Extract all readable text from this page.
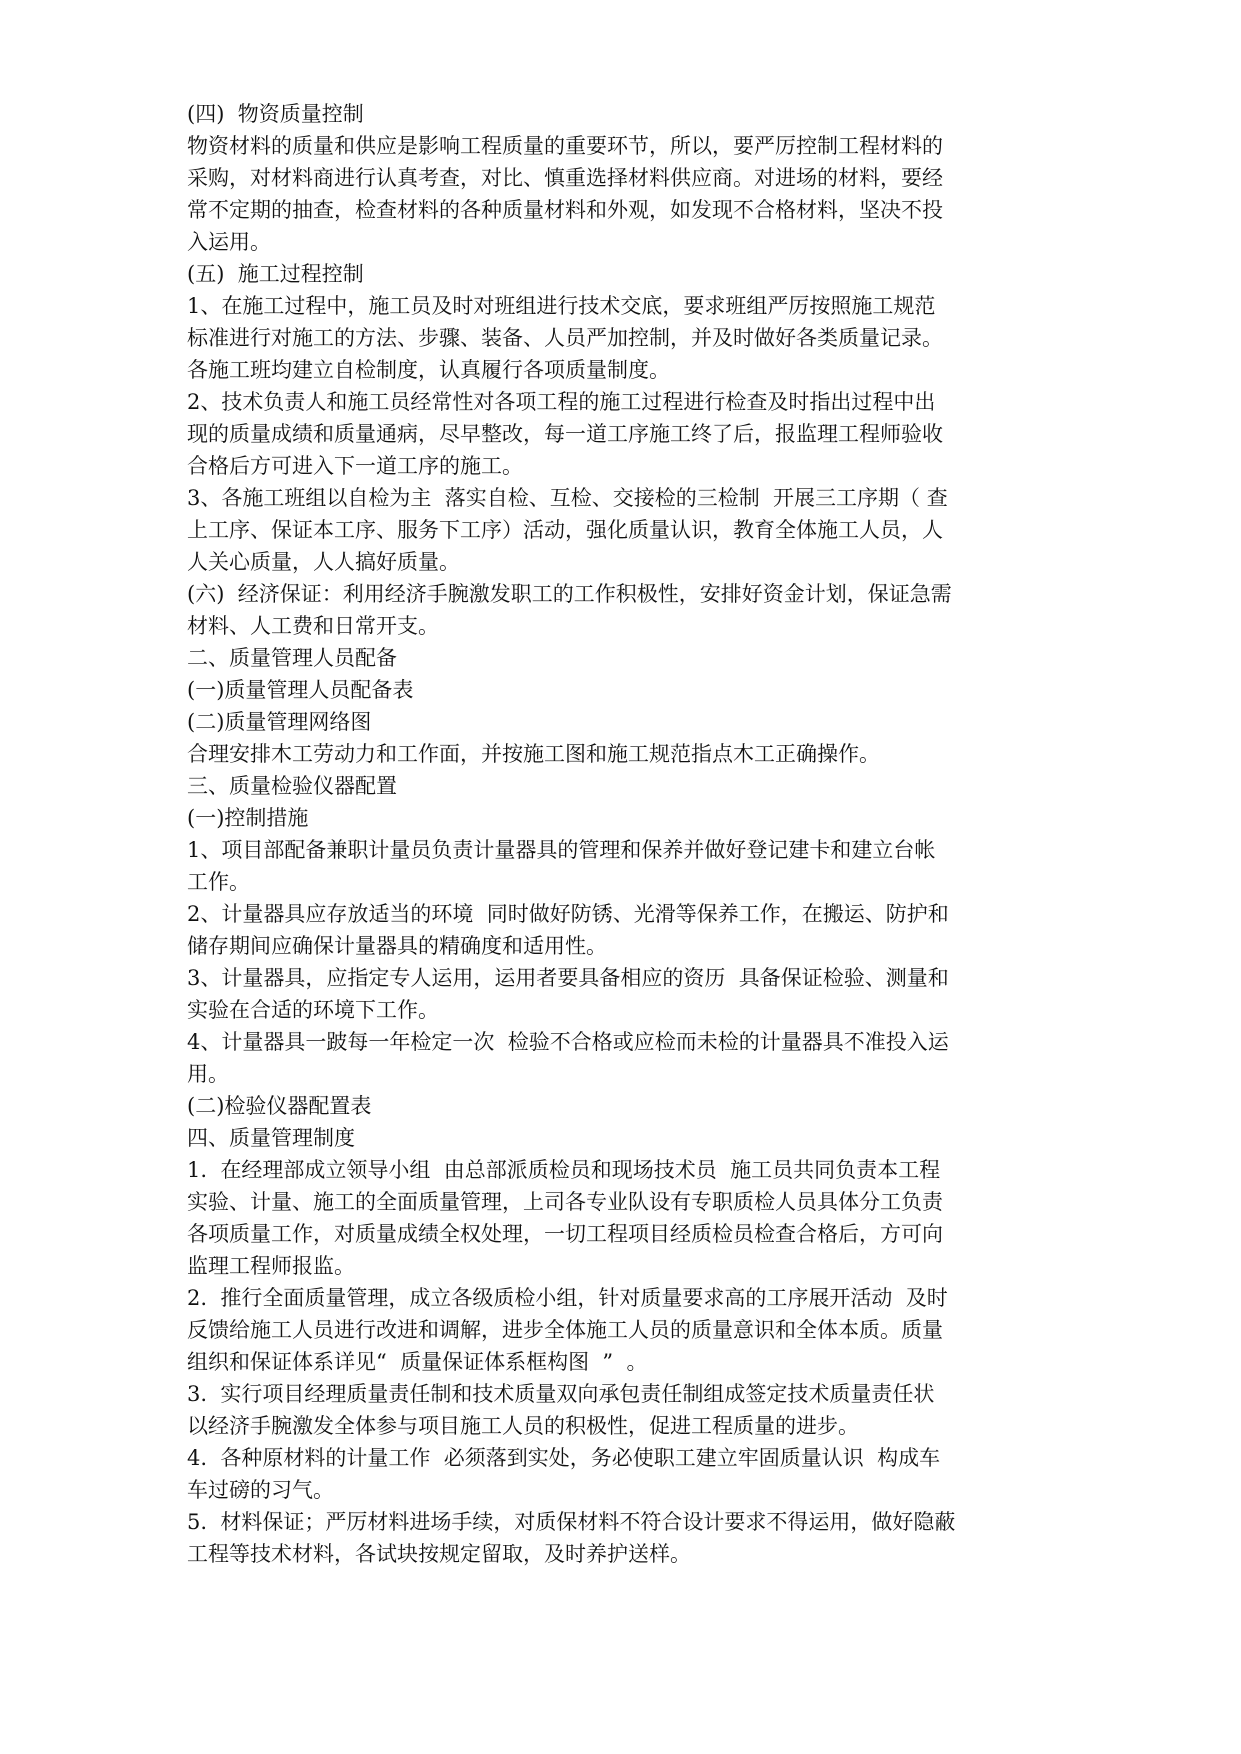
(四)  物资质量控制
物资材料的质量和供应是影响工程质量的重要环节，所以，要严厉控制工程材料的
采购，对材料商进行认真考查，对比、慎重选择材料供应商。对进场的材料，要经
常不定期的抽查，检查材料的各种质量材料和外观，如发现不合格材料，坚决不投
入运用。
(五)  施工过程控制
1、在施工过程中，施工员及时对班组进行技术交底，要求班组严厉按照施工规范
标准进行对施工的方法、步骤、装备、人员严加控制，并及时做好各类质量记录。
各施工班均建立自检制度，认真履行各项质量制度。
2、技术负责人和施工员经常性对各项工程的施工过程进行检查及时指出过程中出
现的质量成绩和质量通病，尽早整改，每一道工序施工终了后，报监理工程师验收
合格后方可进入下一道工序的施工。
3、各施工班组以自检为主  落实自检、互检、交接检的三检制  开展三工序期（ 查
上工序、保证本工序、服务下工序）活动，强化质量认识，教育全体施工人员，人
人关心质量，人人搞好质量。
(六)  经济保证：利用经济手腕激发职工的工作积极性，安排好资金计划，保证急需
材料、人工费和日常开支。
二、质量管理人员配备
(一)质量管理人员配备表
(二)质量管理网络图
合理安排木工劳动力和工作面，并按施工图和施工规范指点木工正确操作。
三、质量检验仪器配置
(一)控制措施
1、项目部配备兼职计量员负责计量器具的管理和保养并做好登记建卡和建立台帐
工作。
2、计量器具应存放适当的环境  同时做好防锈、光滑等保养工作，在搬运、防护和
储存期间应确保计量器具的精确度和适用性。
3、计量器具，应指定专人运用，运用者要具备相应的资历  具备保证检验、测量和
实验在合适的环境下工作。
4、计量器具一跛每一年检定一次  检验不合格或应检而未检的计量器具不准投入运
用。
(二)检验仪器配置表
四、质量管理制度
1.  在经理部成立领导小组  由总部派质检员和现场技术员  施工员共同负责本工程
实验、计量、施工的全面质量管理，上司各专业队设有专职质检人员具体分工负责
各项质量工作，对质量成绩全权处理，一切工程项目经质检员检查合格后，方可向
监理工程师报监。
2.  推行全面质量管理，成立各级质检小组，针对质量要求高的工序展开活动  及时
反馈给施工人员进行改进和调解，进步全体施工人员的质量意识和全体本质。质量
组织和保证体系详见“  质量保证体系框构图  ”  。
3.  实行项目经理质量责任制和技术质量双向承包责任制组成签定技术质量责任状
以经济手腕激发全体参与项目施工人员的积极性，促进工程质量的进步。
4.  各种原材料的计量工作  必须落到实处，务必使职工建立牢固质量认识  构成车
车过磅的习气。
5.  材料保证；严厉材料进场手续，对质保材料不符合设计要求不得运用，做好隐蔽
工程等技术材料，各试块按规定留取，及时养护送样。
